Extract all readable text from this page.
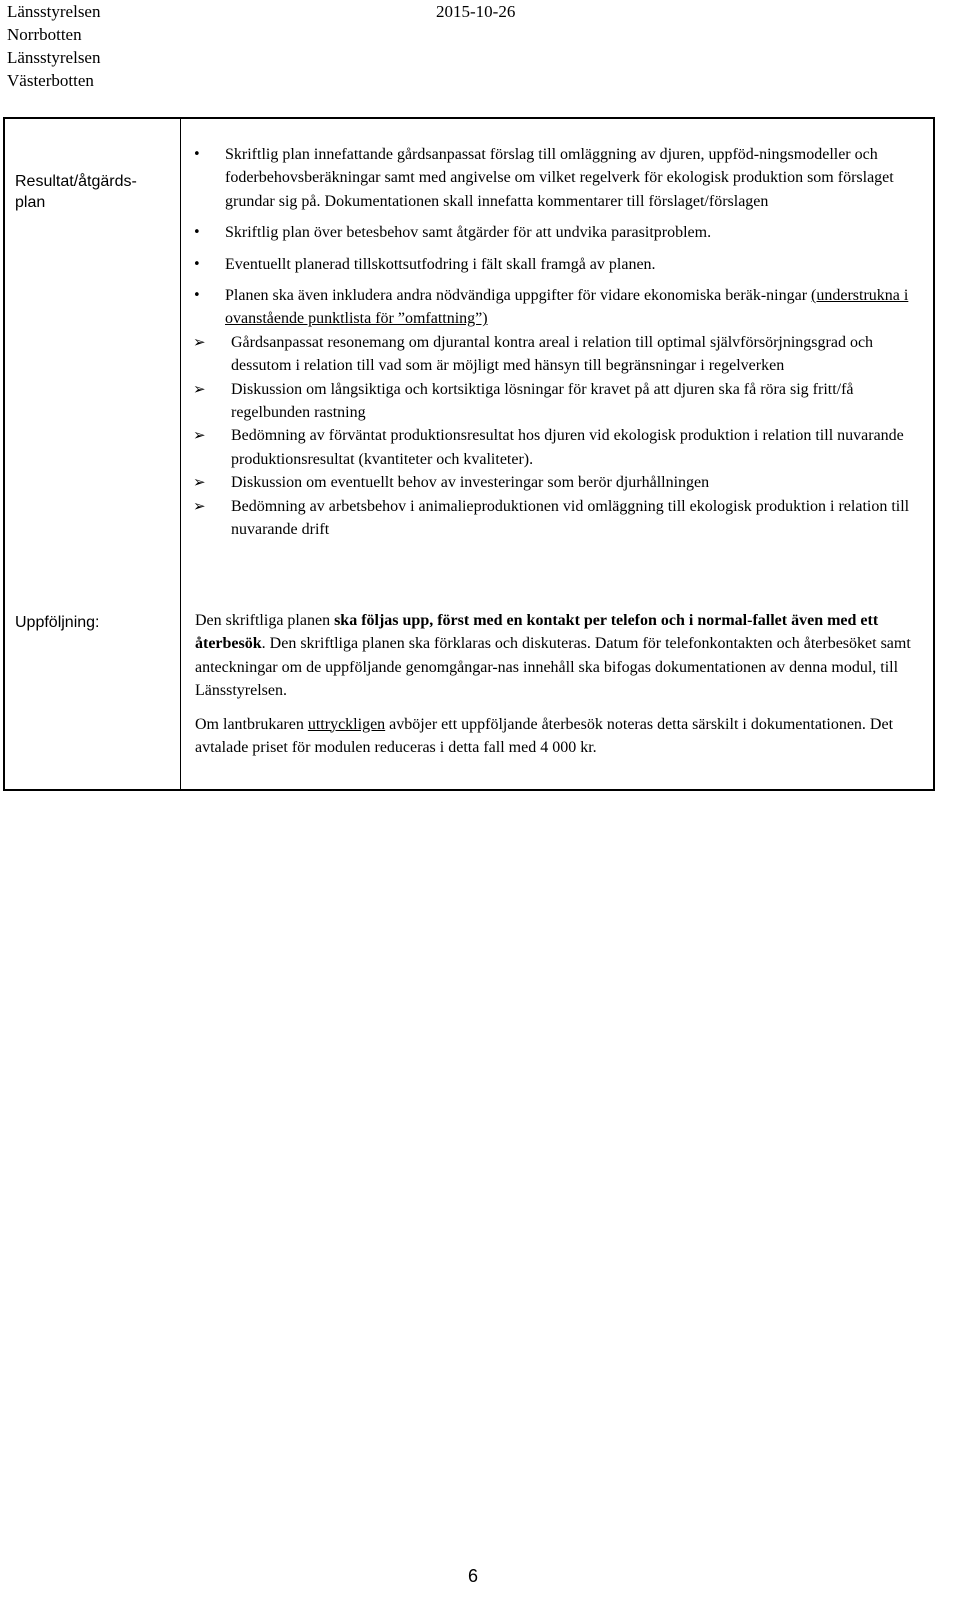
Länsstyrelsen
Norrbotten
Länsstyrelsen
Västerbotten
2015-10-26
Resultat/åtgärds-
plan
• Skriftlig plan innefattande gårdsanpassat förslag till omläggning av djuren, uppföd-ningsmodeller och foderbehovsberäkningar samt med angivelse om vilket regelverk för ekologisk produktion som förslaget grundar sig på. Dokumentationen skall innefatta kommentarer till förslaget/förslagen
• Skriftlig plan över betesbehov samt åtgärder för att undvika parasitproblem.
• Eventuellt planerad tillskottsutfodring i fält skall framgå av planen.
• Planen ska även inkludera andra nödvändiga uppgifter för vidare ekonomiska beräk-ningar (understrukna i ovanstående punktlista för ”omfattning”)
➢ Gårdsanpassat resonemang om djurantal kontra areal i relation till optimal självförsörjningsgrad och dessutom i relation till vad som är möjligt med hänsyn till begränsningar i regelverken
➢ Diskussion om långsiktiga och kortsiktiga lösningar för kravet på att djuren ska få röra sig fritt/få regelbunden rastning
➢ Bedömning av förväntat produktionsresultat hos djuren vid ekologisk produktion i relation till nuvarande produktionsresultat (kvantiteter och kvaliteter).
➢ Diskussion om eventuellt behov av investeringar som berör djurhållningen
➢ Bedömning av arbetsbehov i animalieproduktionen vid omläggning till ekologisk produktion i relation till nuvarande drift
Uppföljning:	Den skriftliga planen ska följas upp, först med en kontakt per telefon och i normal-fallet även med ett återbesök. Den skriftliga planen ska förklaras och diskuteras. Datum för telefonkontakten och återbesöket samt anteckningar om de uppföljande genomgångar-nas innehåll ska bifogas dokumentationen av denna modul, till Länsstyrelsen.

Om lantbrukaren uttryckligen avböjer ett uppföljande återbesök noteras detta särskilt i dokumentationen. Det avtalade priset för modulen reduceras i detta fall med 4 000 kr.

6
